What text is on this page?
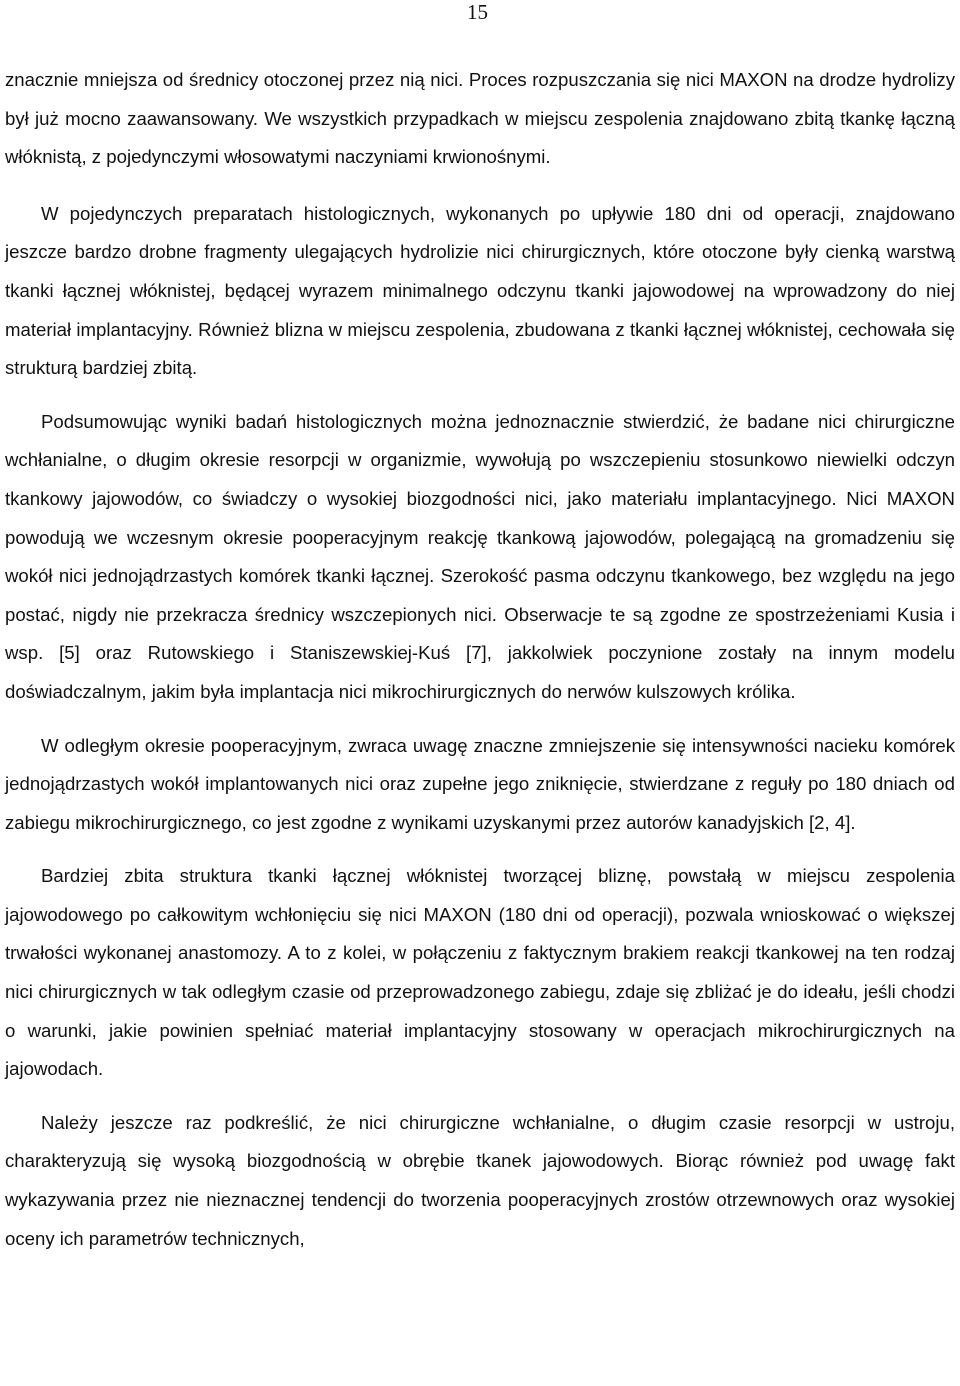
15

znacznie mniejsza od średnicy otoczonej przez nią nici. Proces rozpuszczania się nici MAXON na drodze hydrolizy był już mocno zaawansowany. We wszystkich przypadkach w miejscu zespolenia znajdowano zbitą tkankę łączną włóknistą, z pojedynczymi włosowatymi naczyniami krwionośnymi.

W pojedynczych preparatach histologicznych, wykonanych po upływie 180 dni od operacji, znajdowano jeszcze bardzo drobne fragmenty ulegających hydrolizie nici chirurgicznych, które otoczone były cienką warstwą tkanki łącznej włóknistej, będącej wyrazem minimalnego odczynu tkanki jajowodowej na wprowadzony do niej materiał implantacyjny. Również blizna w miejscu zespolenia, zbudowana z tkanki łącznej włóknistej, cechowała się strukturą bardziej zbitą.

Podsumowując wyniki badań histologicznych można jednoznacznie stwierdzić, że badane nici chirurgiczne wchłanialne, o długim okresie resorpcji w organizmie, wywołują po wszczepieniu stosunkowo niewielki odczyn tkankowy jajowodów, co świadczy o wysokiej biozgodności nici, jako materiału implantacyjnego. Nici MAXON powodują we wczesnym okresie pooperacyjnym reakcję tkankową jajowodów, polegającą na gromadzeniu się wokół nici jednojądrzastych komórek tkanki łącznej. Szerokość pasma odczynu tkankowego, bez względu na jego postać, nigdy nie przekracza średnicy wszczepionych nici. Obserwacje te są zgodne ze spostrzeżeniami Kusia i wsp. [5] oraz Rutowskiego i Staniszewskiej-Kuś [7], jakkolwiek poczynione zostały na innym modelu doświadczalnym, jakim była implantacja nici mikrochirurgicznych do nerwów kulszowych królika.

W odległym okresie pooperacyjnym, zwraca uwagę znaczne zmniejszenie się intensywności nacieku komórek jednojądrzastych wokół implantowanych nici oraz zupełne jego zniknięcie, stwierdzane z reguły po 180 dniach od zabiegu mikrochirurgicznego, co jest zgodne z wynikami uzyskanymi przez autorów kanadyjskich [2, 4].

Bardziej zbita struktura tkanki łącznej włóknistej tworzącej bliznę, powstałą w miejscu zespolenia jajowodowego po całkowitym wchłonięciu się nici MAXON (180 dni od operacji), pozwala wnioskować o większej trwałości wykonanej anastomozy. A to z kolei, w połączeniu z faktycznym brakiem reakcji tkankowej na ten rodzaj nici chirurgicznych w tak odległym czasie od przeprowadzonego zabiegu, zdaje się zbliżać je do ideału, jeśli chodzi o warunki, jakie powinien spełniać materiał implantacyjny stosowany w operacjach mikrochirurgicznych na jajowodach.

Należy jeszcze raz podkreślić, że nici chirurgiczne wchłanialne, o długim czasie resorpcji w ustroju, charakteryzują się wysoką biozgodnością w obrębie tkanek jajowodowych. Biorąc również pod uwagę fakt wykazywania przez nie nieznacznej tendencji do tworzenia pooperacyjnych zrostów otrzewnowych oraz wysokiej oceny ich parametrów technicznych,
